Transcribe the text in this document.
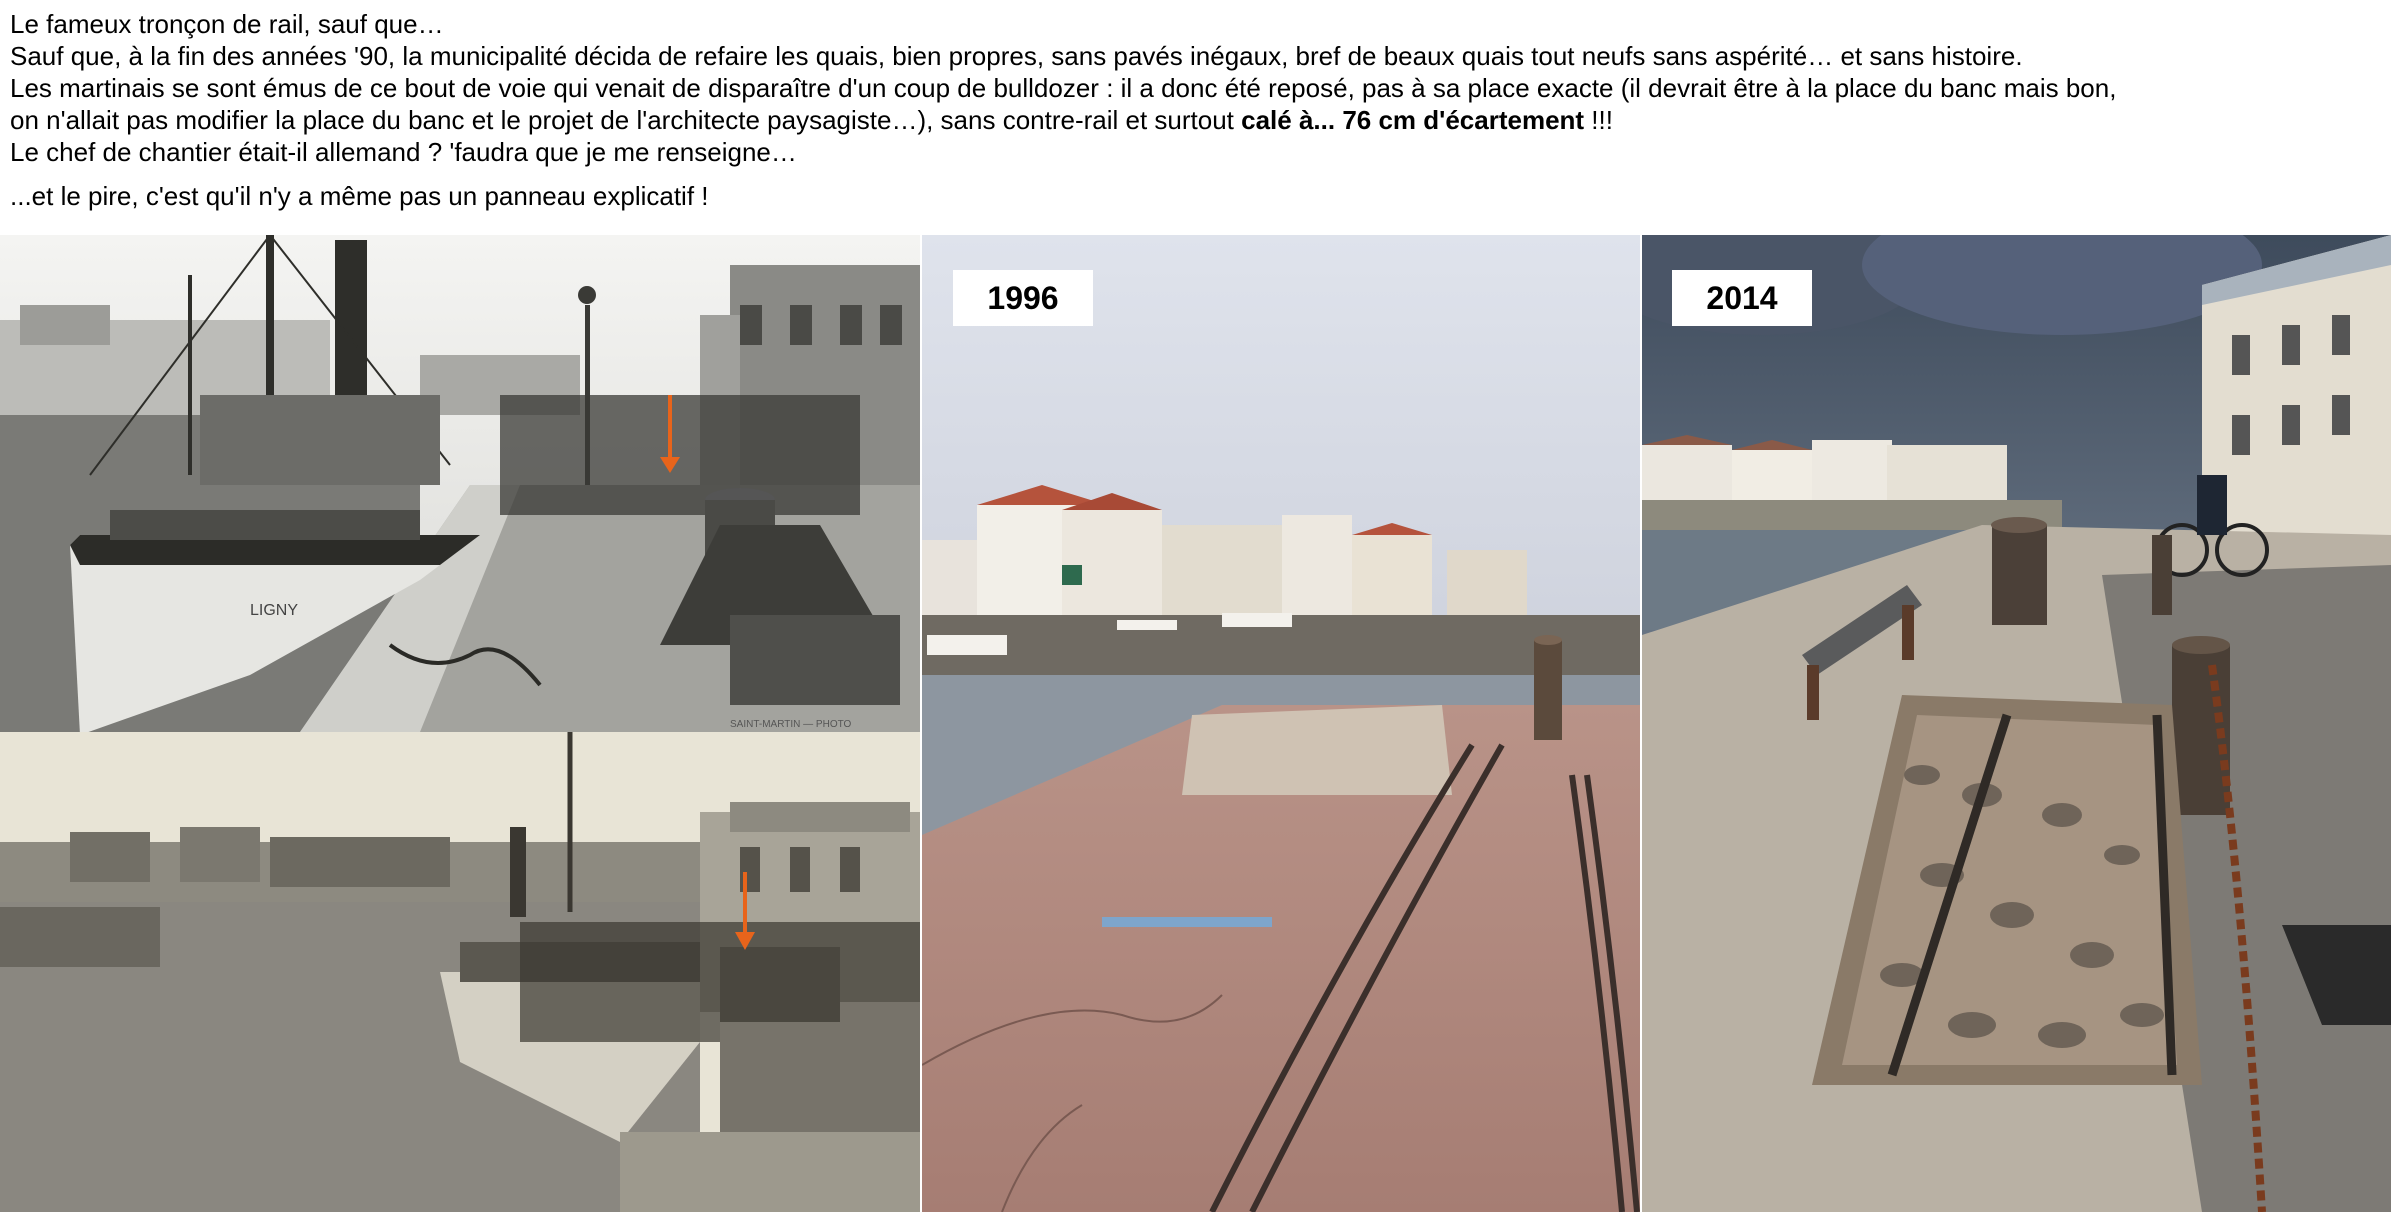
Le fameux tronçon de rail, sauf que…

Sauf que, à la fin des années '90, la municipalité décida de refaire les quais, bien propres, sans pavés inégaux, bref de beaux quais tout neufs sans aspérité… et sans histoire.

Les martinais se sont émus de ce bout de voie qui venait de disparaître d'un coup de bulldozer : il a donc été reposé, pas à sa place exacte (il devrait être à la place du banc mais bon,

on n'allait pas modifier la place du banc et le projet de l'architecte paysagiste…), sans contre-rail et surtout calé à... 76 cm d'écartement !!!

Le chef de chantier était-il allemand ? 'faudra que je me renseigne…

...et le pire, c'est qu'il n'y a même pas un panneau explicatif !

LIGNY
SAINT-MARTIN — PHOTO
1996	2014
